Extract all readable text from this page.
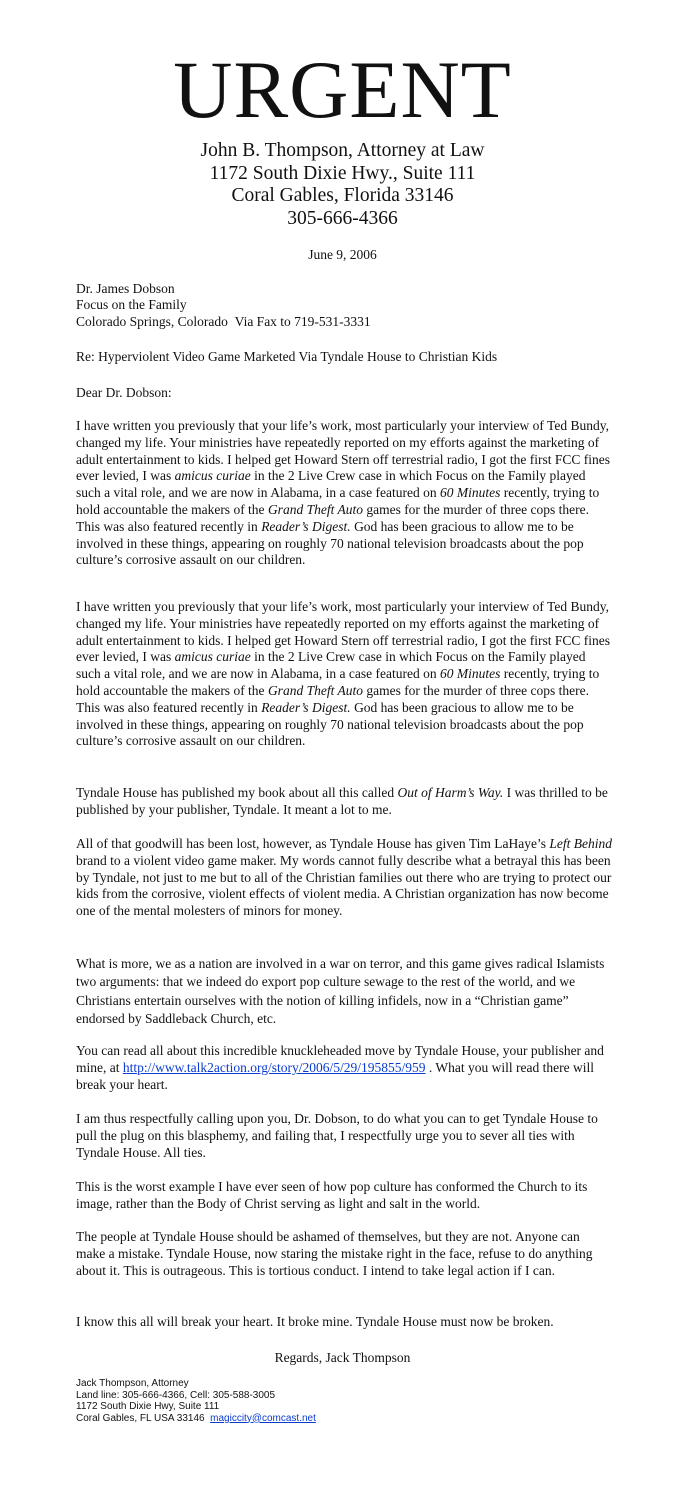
URGENT
John B. Thompson, Attorney at Law
1172 South Dixie Hwy., Suite 111
Coral Gables, Florida 33146
305-666-4366
June 9, 2006
Dr. James Dobson
Focus on the Family
Colorado Springs, Colorado Via Fax to 719-531-3331

Re: Hyperviolent Video Game Marketed Via Tyndale House to Christian Kids

Dear Dr. Dobson:

I have written you previously that your life’s work, most particularly your interview of Ted Bundy, changed my life. Your ministries have repeatedly reported on my efforts against the marketing of adult entertainment to kids. I helped get Howard Stern off terrestrial radio, I got the first FCC fines ever levied, I was amicus curiae in the 2 Live Crew case in which Focus on the Family played such a vital role, and we are now in Alabama, in a case featured on 60 Minutes recently, trying to hold accountable the makers of the Grand Theft Auto games for the murder of three cops there. This was also featured recently in Reader’s Digest. God has been gracious to allow me to be involved in these things, appearing on roughly 70 national television broadcasts about the pop culture’s corrosive assault on our children.

I have written you previously that your life’s work, most particularly your interview of Ted Bundy, changed my life. Your ministries have repeatedly reported on my efforts against the marketing of adult entertainment to kids. I helped get Howard Stern off terrestrial radio, I got the first FCC fines ever levied, I was amicus curiae in the 2 Live Crew case in which Focus on the Family played such a vital role, and we are now in Alabama, in a case featured on 60 Minutes recently, trying to hold accountable the makers of the Grand Theft Auto games for the murder of three cops there. This was also featured recently in Reader’s Digest. God has been gracious to allow me to be involved in these things, appearing on roughly 70 national television broadcasts about the pop culture’s corrosive assault on our children.

Tyndale House has published my book about all this called Out of Harm’s Way. I was thrilled to be published by your publisher, Tyndale. It meant a lot to me.

All of that goodwill has been lost, however, as Tyndale House has given Tim LaHaye’s Left Behind brand to a violent video game maker. My words cannot fully describe what a betrayal this has been by Tyndale, not just to me but to all of the Christian families out there who are trying to protect our kids from the corrosive, violent effects of violent media. A Christian organization has now become one of the mental molesters of minors for money.

What is more, we as a nation are involved in a war on terror, and this game gives radical Islamists two arguments: that we indeed do export pop culture sewage to the rest of the world, and we Christians entertain ourselves with the notion of killing infidels, now in a “Christian game” endorsed by Saddleback Church, etc.

You can read all about this incredible knuckleheaded move by Tyndale House, your publisher and mine, at http://www.talk2action.org/story/2006/5/29/195855/959 . What you will read there will break your heart.

I am thus respectfully calling upon you, Dr. Dobson, to do what you can to get Tyndale House to pull the plug on this blasphemy, and failing that, I respectfully urge you to sever all ties with Tyndale House. All ties.

This is the worst example I have ever seen of how pop culture has conformed the Church to its image, rather than the Body of Christ serving as light and salt in the world.

The people at Tyndale House should be ashamed of themselves, but they are not. Anyone can make a mistake. Tyndale House, now staring the mistake right in the face, refuse to do anything about it. This is outrageous. This is tortious conduct. I intend to take legal action if I can.

I know this all will break your heart. It broke mine. Tyndale House must now be broken.

Regards, Jack Thompson
Jack Thompson, Attorney
Land line: 305-666-4366, Cell: 305-588-3005
1172 South Dixie Hwy, Suite 111
Coral Gables, FL USA 33146 magiccity@comcast.net
